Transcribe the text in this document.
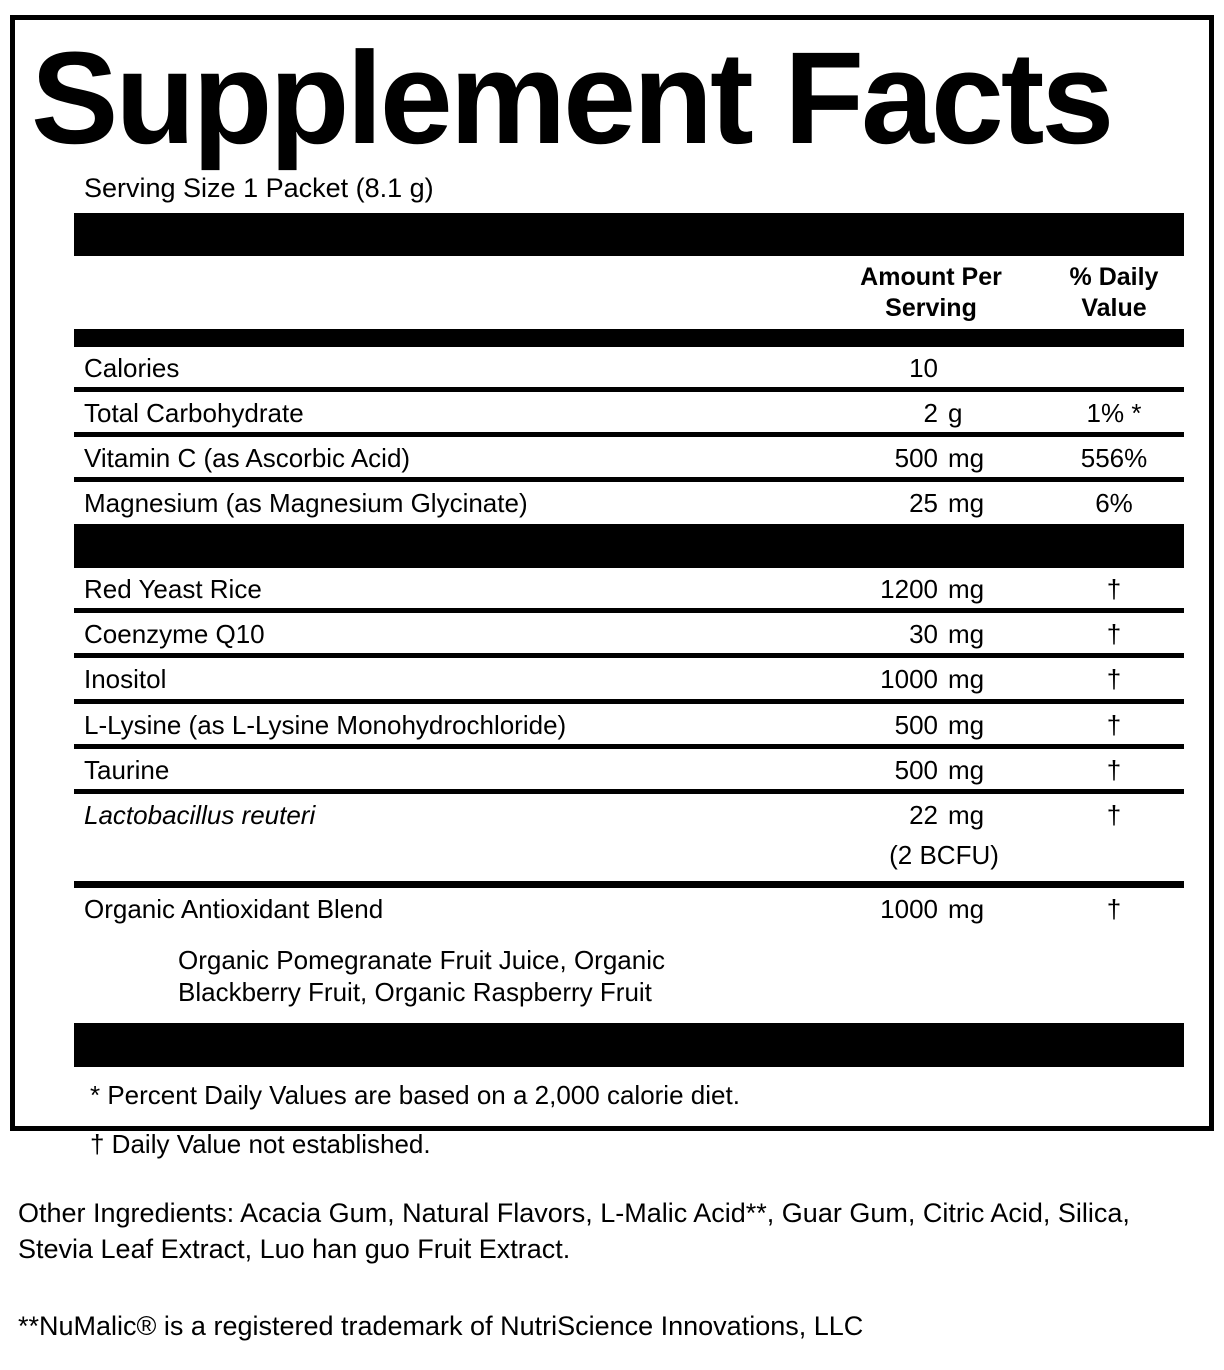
Supplement Facts
Serving Size 1 Packet (8.1 g)
Amount Per
Serving
% Daily
Value
Calories	10
Total Carbohydrate	2 g	1% *
Vitamin C (as Ascorbic Acid)	500 mg	556%
Magnesium (as Magnesium Glycinate)	25 mg	6%
Red Yeast Rice	1200 mg	†
Coenzyme Q10	30 mg	†
Inositol	1000 mg	†
L-Lysine (as L-Lysine Monohydrochloride)	500 mg	†
Taurine	500 mg	†
Lactobacillus reuteri	22 mg	†
(2 BCFU)
Organic Antioxidant Blend	1000 mg	†
Organic Pomegranate Fruit Juice, Organic
Blackberry Fruit, Organic Raspberry Fruit
* Percent Daily Values are based on a 2,000 calorie diet.
† Daily Value not established.
Other Ingredients: Acacia Gum, Natural Flavors, L-Malic Acid**, Guar Gum, Citric Acid, Silica, Stevia Leaf Extract, Luo han guo Fruit Extract.
**NuMalic® is a registered trademark of NutriScience Innovations, LLC
